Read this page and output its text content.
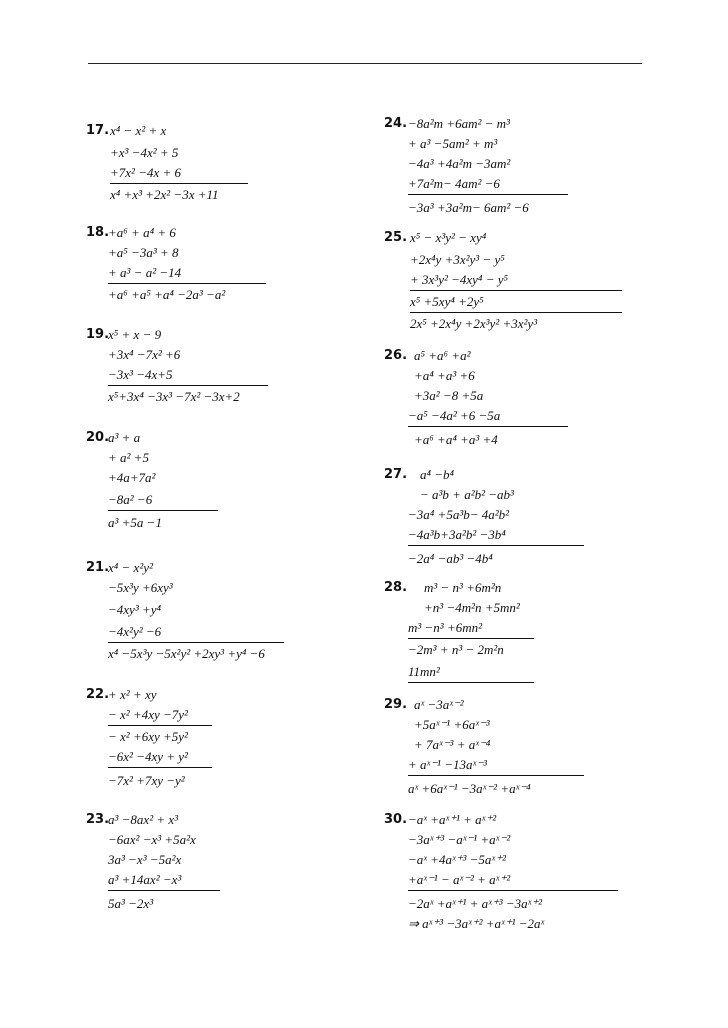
17. x⁴ − x² + x
+x³ −4x² + 5
+7x² −4x + 6
x⁴ +x³ +2x² −3x +11
18.
+a⁶ + a⁴ + 6
+a⁵ −3a³ + 8
+ a³ − a² −14
+a⁶ +a⁵ +a⁴ −2a³ −a²
19.
x⁵ + x − 9
+3x⁴ −7x² +6
−3x³ −4x+5
x⁵+3x⁴ −3x³ −7x² −3x+2
20.
a³ + a
+ a² +5
+4a+7a²
−8a² −6
a³ +5a −1
21.
x⁴ − x²y²
−5x³y +6xy³
−4xy³ +y⁴
−4x²y² −6
x⁴ −5x³y −5x²y² +2xy³ +y⁴ −6
22.
+ x² + xy
− x² +4xy −7y²
− x² +6xy +5y²
−6x² −4xy + y²
−7x² +7xy −y²
23.
a³ −8ax² + x³
−6ax² −x³ +5a²x
3a³ −x³ −5a²x
a³ +14ax² −x³
5a³ −2x³
24. −8a²m +6am² − m³
+ a³ −5am² + m³
−4a³ +4a²m −3am²
+7a²m− 4am² −6
−3a³ +3a²m− 6am² −6
25. x⁵ − x³y² − xy⁴
+2x⁴y +3x²y³ − y⁵
+ 3x³y² −4xy⁴ − y⁵
x⁵ +5xy⁴ +2y⁵
2x⁵ +2x⁴y +2x³y² +3x²y³
26. a⁵ +a⁶ +a²
+a⁴ +a³ +6
+3a² −8 +5a
−a⁵ −4a² +6 −5a
+a⁶ +a⁴ +a³ +4
27. a⁴ −b⁴
− a³b + a²b² −ab³
−3a⁴ +5a³b− 4a²b²
−4a³b+3a²b² −3b⁴
−2a⁴ −ab³ −4b⁴
28. m³ − n³ +6m²n
+n³ −4m²n +5mn²
m³ −n³ +6mn²
−2m³ + n³ − 2m²n
11mn²
29. aˣ −3aˣ⁻²
+5aˣ⁻¹ +6aˣ⁻³
+ 7aˣ⁻³ + aˣ⁻⁴
+ aˣ⁻¹ −13aˣ⁻³
aˣ +6aˣ⁻¹ −3aˣ⁻² +aˣ⁻⁴
30. −aˣ +aˣ⁺¹ + aˣ⁺²
−3aˣ⁺³ −aˣ⁻¹ +aˣ⁻²
−aˣ +4aˣ⁺³ −5aˣ⁺²
+aˣ⁻¹ − aˣ⁻² + aˣ⁺²
−2aˣ +aˣ⁺¹ + aˣ⁺³ −3aˣ⁺²
⇒ aˣ⁺³ −3aˣ⁺² +aˣ⁺¹ −2aˣ
